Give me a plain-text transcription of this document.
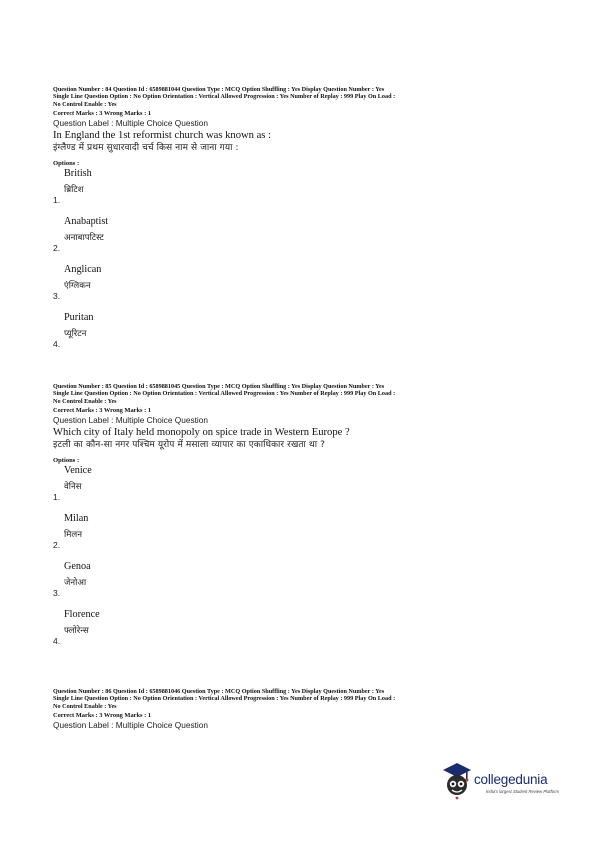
Question Number : 84 Question Id : 6589881044 Question Type : MCQ Option Shuffling : Yes Display Question Number : Yes
Single Line Question Option : No Option Orientation : Vertical Allowed Progression : Yes Number of Replay : 999 Play On Load :
No Control Enable : Yes
Correct Marks : 3 Wrong Marks : 1
Question Label : Multiple Choice Question
In England the 1st reformist church was known as :
इंग्लैण्ड में प्रथम सुधारवादी चर्च किस नाम से जाना गया :
Options :
British
ब्रिटिश
1.
Anabaptist
अनाबापटिस्ट
2.
Anglican
एंग्लिकन
3.
Puritan
प्यूरिटन
4.
Question Number : 85 Question Id : 6589881045 Question Type : MCQ Option Shuffling : Yes Display Question Number : Yes
Single Line Question Option : No Option Orientation : Vertical Allowed Progression : Yes Number of Replay : 999 Play On Load :
No Control Enable : Yes
Correct Marks : 3 Wrong Marks : 1
Question Label : Multiple Choice Question
Which city of Italy held monopoly on spice trade in Western Europe ?
इटली का कौन-सा नगर पश्चिम यूरोप में मसाला व्यापार का एकाधिकार रखता था ?
Options :
Venice
वेनिस
1.
Milan
मिलन
2.
Genoa
जेनोआ
3.
Florence
फ्लोरेन्स
4.
Question Number : 86 Question Id : 6589881046 Question Type : MCQ Option Shuffling : Yes Display Question Number : Yes
Single Line Question Option : No Option Orientation : Vertical Allowed Progression : Yes Number of Replay : 999 Play On Load :
No Control Enable : Yes
Correct Marks : 3 Wrong Marks : 1
Question Label : Multiple Choice Question
collegedunia
India's largest Student Review Platform
